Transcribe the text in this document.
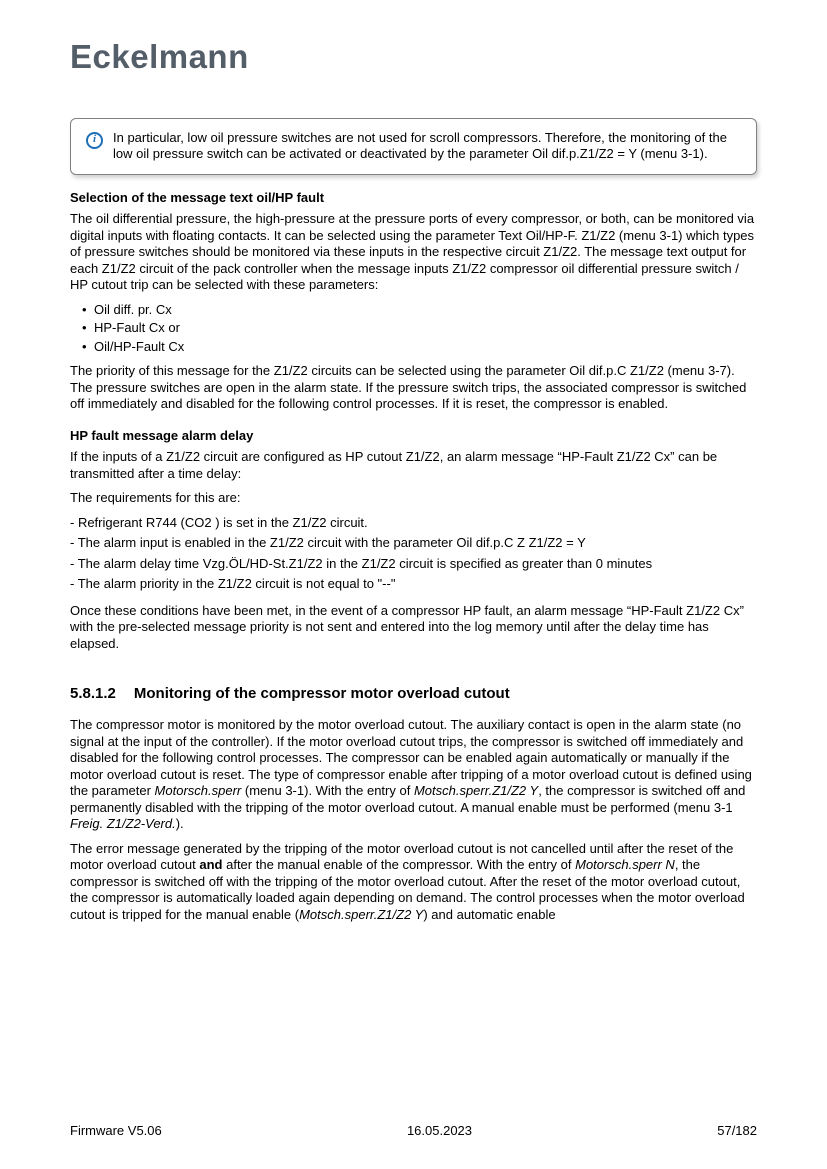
Eckelmann
i	In particular, low oil pressure switches are not used for scroll compressors. Therefore, the monitoring of the low oil pressure switch can be activated or deactivated by the parameter Oil dif.p.Z1/Z2 = Y (menu 3-1).
Selection of the message text oil/HP fault

The oil differential pressure, the high-pressure at the pressure ports of every compressor, or both, can be monitored via digital inputs with floating contacts. It can be selected using the parameter Text Oil/HP-F. Z1/Z2 (menu 3-1) which types of pressure switches should be monitored via these inputs in the respective circuit Z1/Z2. The message text output for each Z1/Z2 circuit of the pack controller when the message inputs Z1/Z2 compressor oil differential pressure switch / HP cutout trip can be selected with these parameters:

• Oil diff. pr. Cx
• HP-Fault Cx or
• Oil/HP-Fault Cx

The priority of this message for the Z1/Z2 circuits can be selected using the parameter Oil dif.p.C Z1/Z2 (menu 3-7). The pressure switches are open in the alarm state. If the pressure switch trips, the associated compressor is switched off immediately and disabled for the following control processes. If it is reset, the compressor is enabled.

HP fault message alarm delay

If the inputs of a Z1/Z2 circuit are configured as HP cutout Z1/Z2, an alarm message “HP-Fault Z1/Z2 Cx” can be transmitted after a time delay:

The requirements for this are:

- Refrigerant R744 (CO2 ) is set in the Z1/Z2 circuit.
- The alarm input is enabled in the Z1/Z2 circuit with the parameter Oil dif.p.C Z Z1/Z2 = Y
- The alarm delay time Vzg.ÖL/HD-St.Z1/Z2 in the Z1/Z2 circuit is specified as greater than 0 minutes
- The alarm priority in the Z1/Z2 circuit is not equal to "--"

Once these conditions have been met, in the event of a compressor HP fault, an alarm message “HP-Fault Z1/Z2 Cx” with the pre-selected message priority is not sent and entered into the log memory until after the delay time has elapsed.

5.8.1.2 Monitoring of the compressor motor overload cutout

The compressor motor is monitored by the motor overload cutout. The auxiliary contact is open in the alarm state (no signal at the input of the controller). If the motor overload cutout trips, the compressor is switched off immediately and disabled for the following control processes. The compressor can be enabled again automatically or manually if the motor overload cutout is reset. The type of compressor enable after tripping of a motor overload cutout is defined using the parameter Motorsch.sperr (menu 3-1). With the entry of Motsch.sperr.Z1/Z2 Y, the compressor is switched off and permanently disabled with the tripping of the motor overload cutout. A manual enable must be performed (menu 3-1 Freig. Z1/Z2-Verd.).

The error message generated by the tripping of the motor overload cutout is not cancelled until after the reset of the motor overload cutout and after the manual enable of the compressor. With the entry of Motorsch.sperr N, the compressor is switched off with the tripping of the motor overload cutout. After the reset of the motor overload cutout, the compressor is automatically loaded again depending on demand. The control processes when the motor overload cutout is tripped for the manual enable (Motsch.sperr.Z1/Z2 Y) and automatic enable

Firmware V5.06	16.05.2023	57/182
